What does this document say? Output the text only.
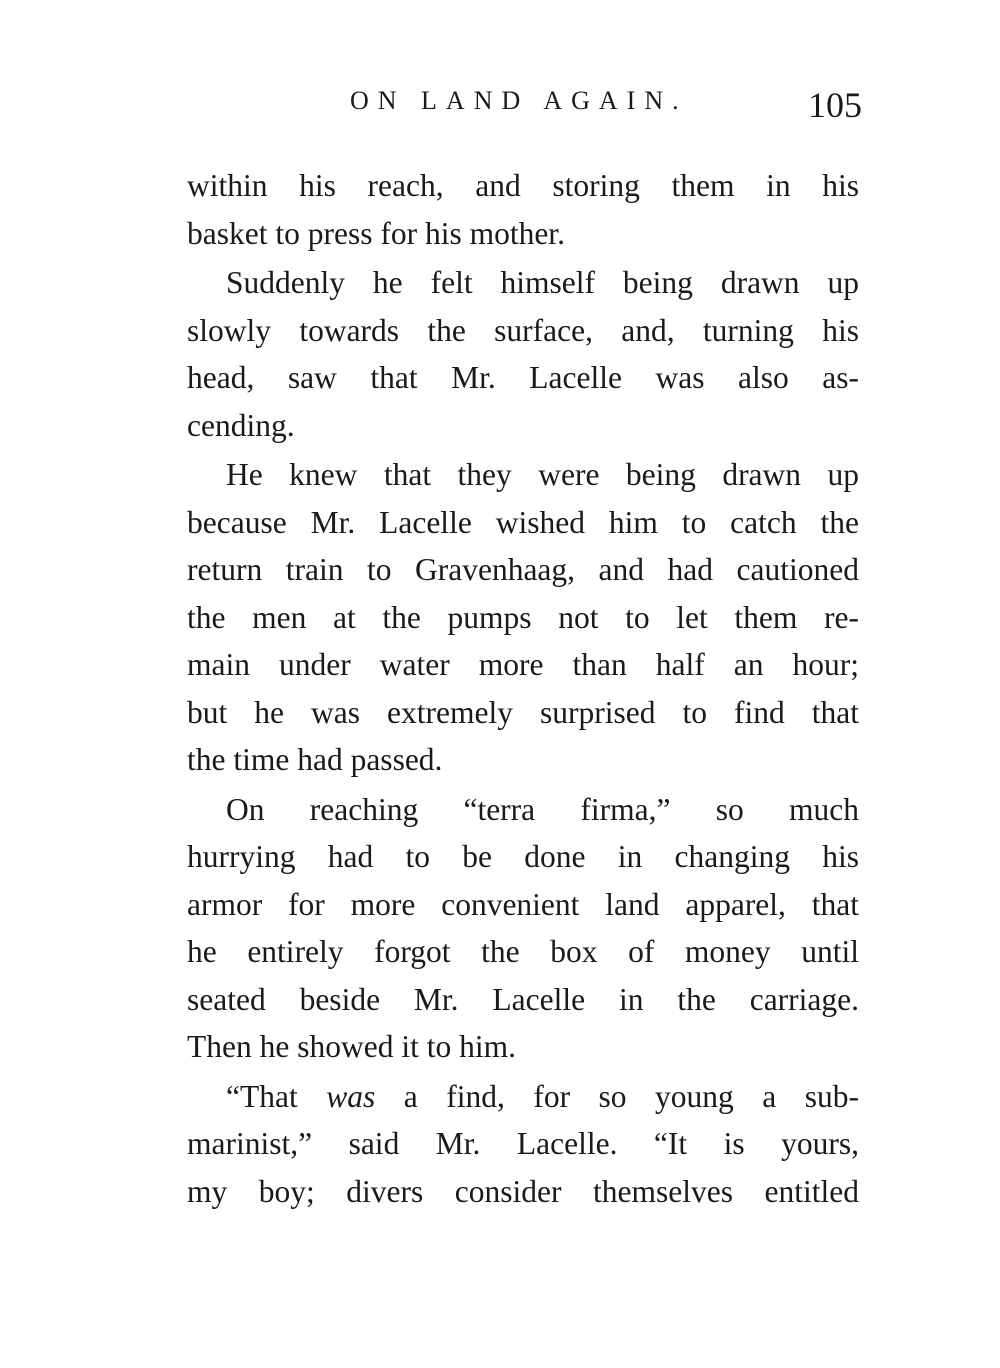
ON LAND AGAIN.	105
within his reach, and storing them in his
basket to press for his mother.
Suddenly he felt himself being drawn up
slowly towards the surface, and, turning his
head, saw that Mr. Lacelle was also as-
cending.
He knew that they were being drawn up
because Mr. Lacelle wished him to catch the
return train to Gravenhaag, and had cautioned
the men at the pumps not to let them re-
main under water more than half an hour;
but he was extremely surprised to find that
the time had passed.
On reaching “terra firma,” so much
hurrying had to be done in changing his
armor for more convenient land apparel, that
he entirely forgot the box of money until
seated beside Mr. Lacelle in the carriage.
Then he showed it to him.
“That was a find, for so young a sub-
marinist,” said Mr. Lacelle. “It is yours,
my boy; divers consider themselves entitled
